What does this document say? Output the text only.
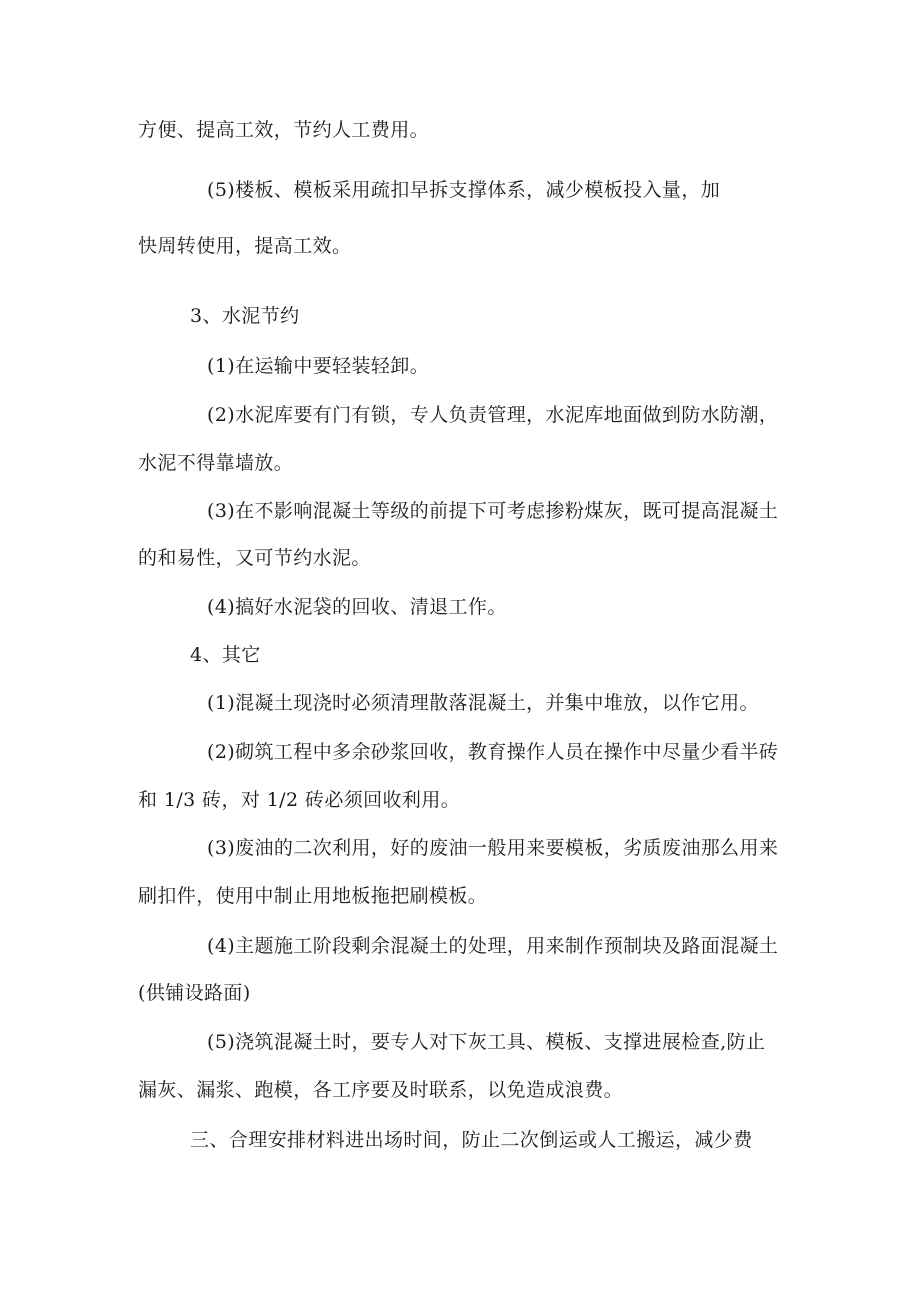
方便、提高工效，节约人工费用。
(5)楼板、模板采用疏扣早拆支撑体系，减少模板投入量，加
快周转使用，提高工效。
3、水泥节约
(1)在运输中要轻装轻卸。
(2)水泥库要有门有锁，专人负责管理，水泥库地面做到防水防潮，
水泥不得靠墙放。
(3)在不影响混凝土等级的前提下可考虑掺粉煤灰，既可提高混凝土
的和易性，又可节约水泥。
(4)搞好水泥袋的回收、清退工作。
4、其它
(1)混凝土现浇时必须清理散落混凝土，并集中堆放，以作它用。
(2)砌筑工程中多余砂浆回收，教育操作人员在操作中尽量少看半砖
和 1/3 砖，对 1/2 砖必须回收利用。
(3)废油的二次利用，好的废油一般用来要模板，劣质废油那么用来
刷扣件，使用中制止用地板拖把刷模板。
(4)主题施工阶段剩余混凝土的处理，用来制作预制块及路面混凝土
(供铺设路面)
(5)浇筑混凝土时，要专人对下灰工具、模板、支撑进展检查,防止
漏灰、漏浆、跑模，各工序要及时联系，以免造成浪费。
三、合理安排材料进出场时间，防止二次倒运或人工搬运，减少费
